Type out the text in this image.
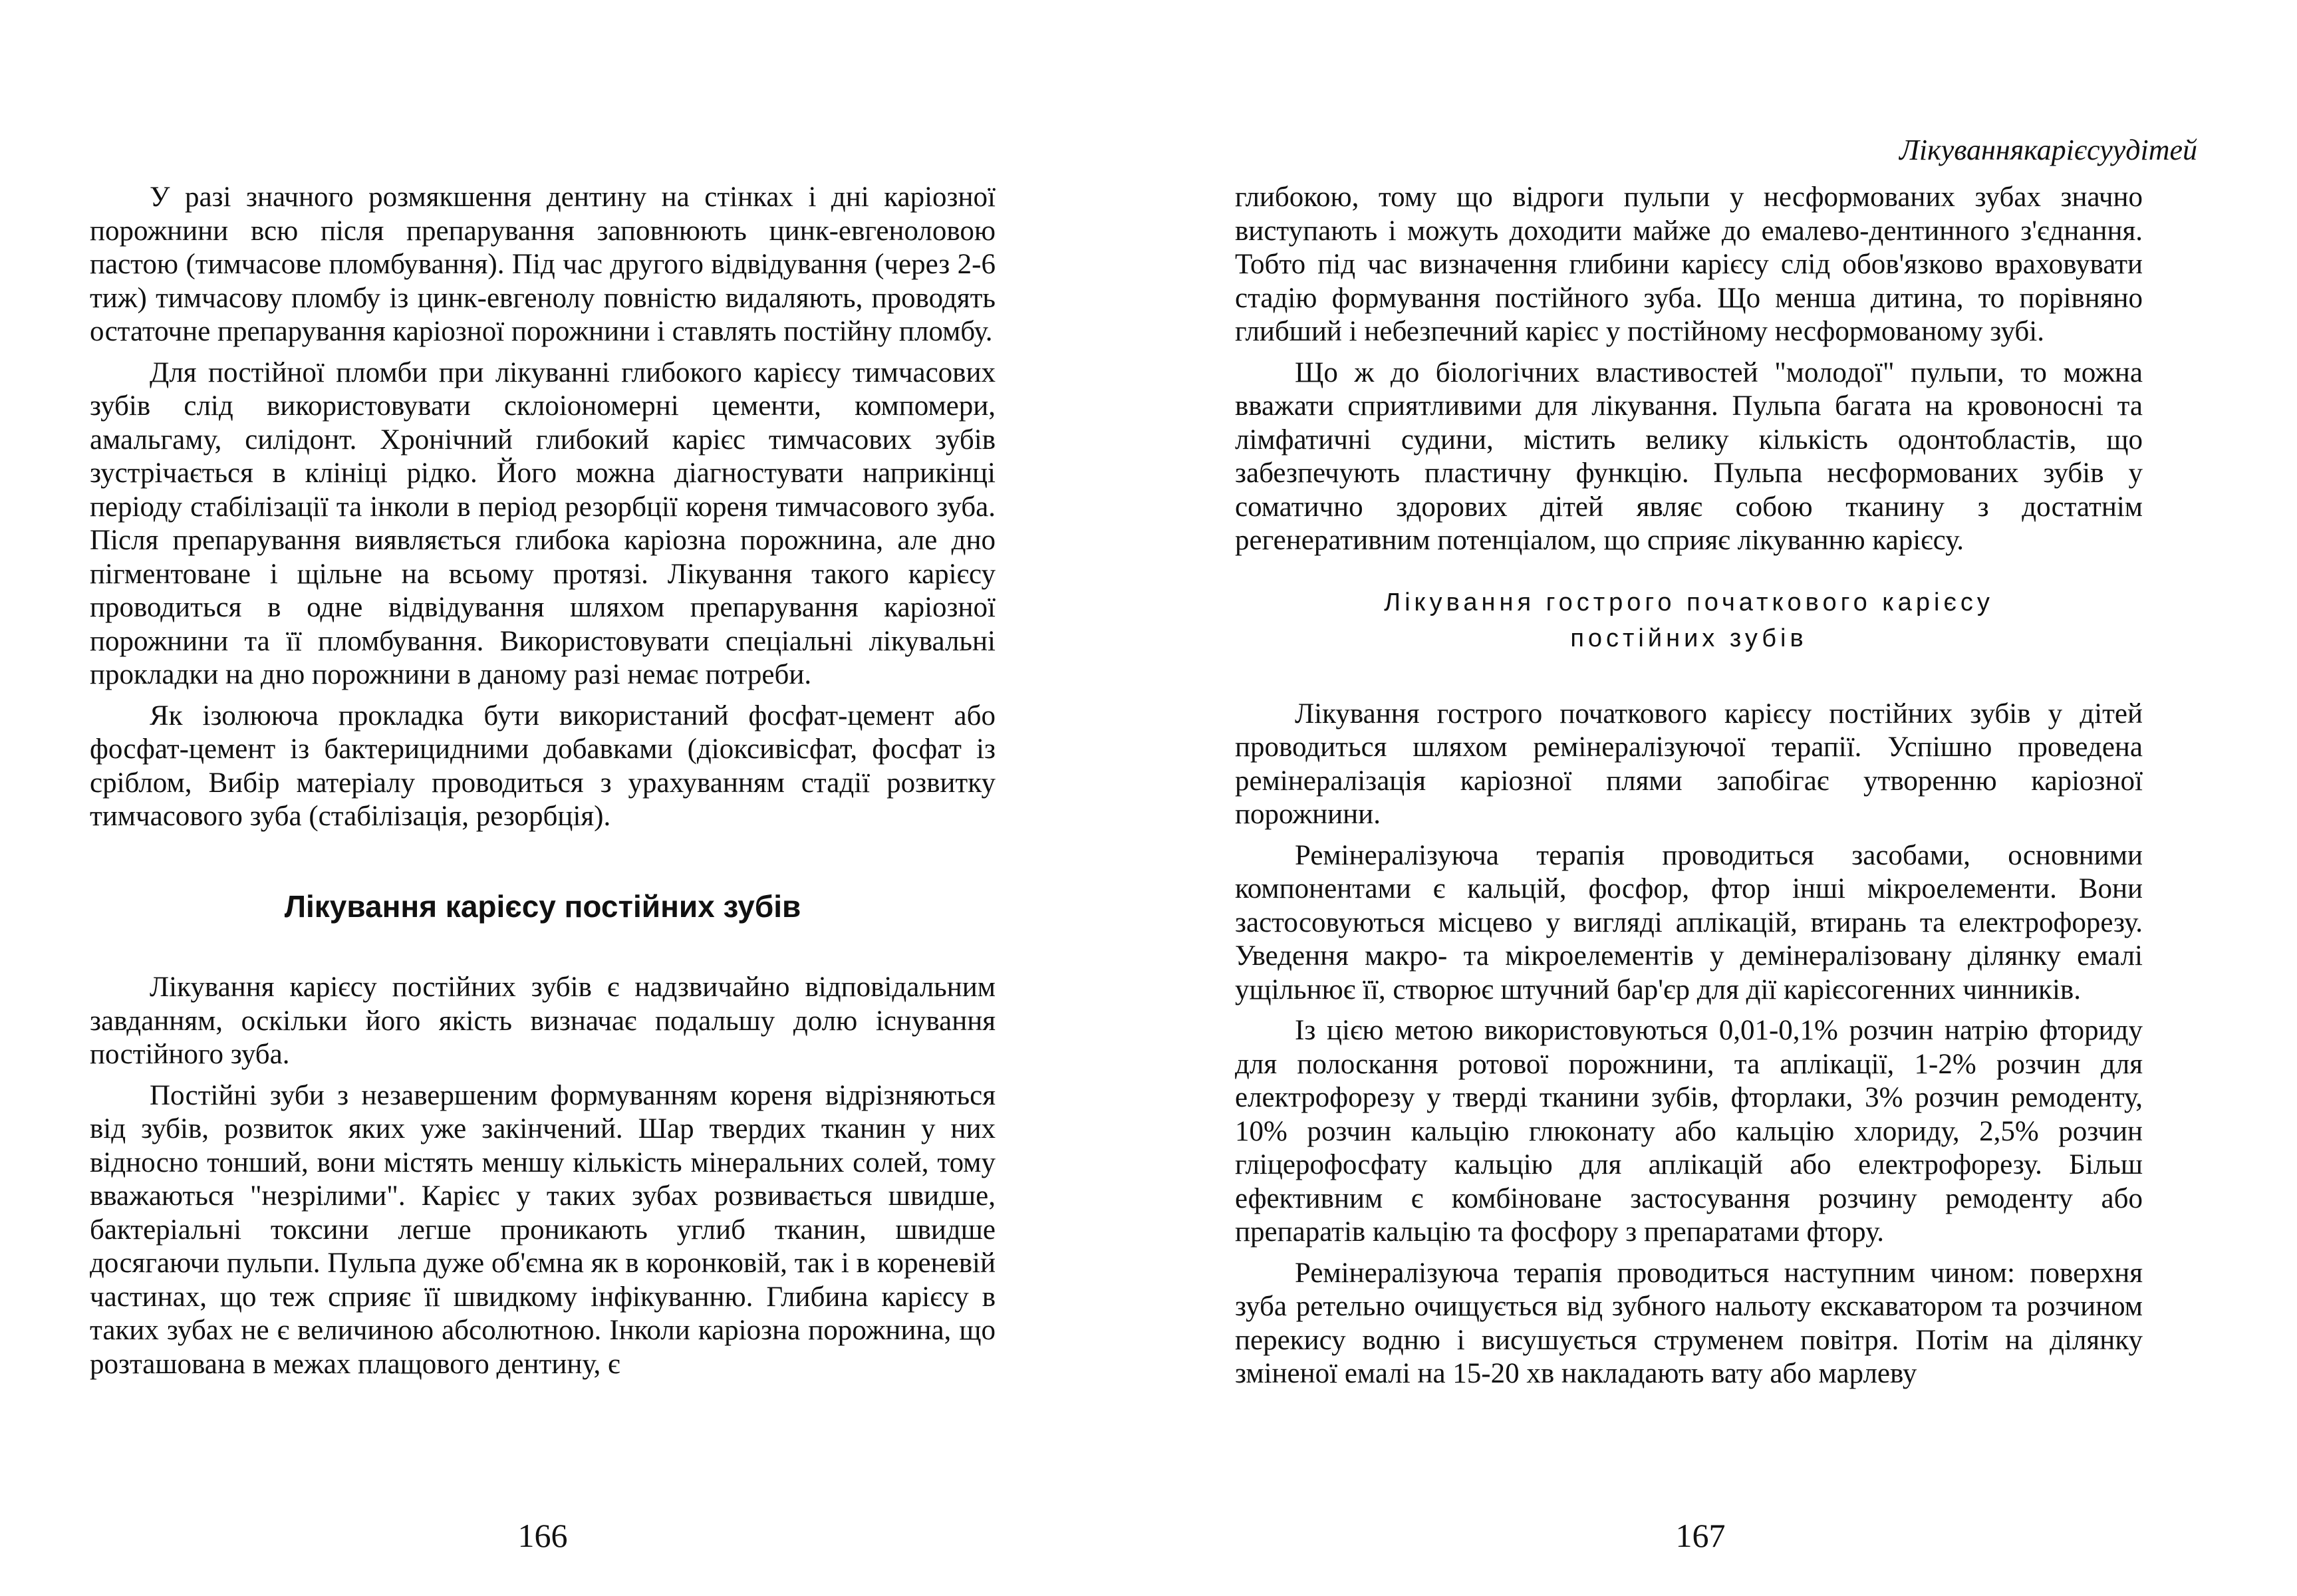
У разі значного розмякшення дентину на стінках і дні каріозної порожнини всю після препарування заповнюють цинк-евгеноловою пастою (тимчасове пломбування). Під час другого відвідування (через 2-6 тиж) тимчасову пломбу із цинк-евгенолу повністю видаляють, проводять остаточне препарування каріозної порожнини і ставлять постійну пломбу.

Для постійної пломби при лікуванні глибокого карієсу тимчасових зубів слід використовувати склоіономерні цементи, компомери, амальгаму, силідонт. Хронічний глибокий карієс тимчасових зубів зустрічається в клініці рідко. Його можна діагностувати наприкінці періоду стабілізації та інколи в період резорбції кореня тимчасового зуба. Після препарування виявляється глибока каріозна порожнина, але дно пігментоване і щільне на всьому протязі. Лікування такого карієсу проводиться в одне відвідування шляхом препарування каріозної порожнини та її пломбування. Використовувати спеціальні лікувальні прокладки на дно порожнини в даному разі немає потреби.

Як ізолююча прокладка бути використаний фосфат-цемент або фосфат-цемент із бактерицидними добавками (діоксивісфат, фосфат із сріблом, Вибір матеріалу проводиться з урахуванням стадії розвитку тимчасового зуба (стабілізація, резорбція).

Лікування карієсу постійних зубів

Лікування карієсу постійних зубів є надзвичайно відповідальним завданням, оскільки його якість визначає подальшу долю існування постійного зуба.

Постійні зуби з незавершеним формуванням кореня відрізняються від зубів, розвиток яких уже закінчений. Шар твердих тканин у них відносно тонший, вони містять меншу кількість мінеральних солей, тому вважаються "незрілими". Карієс у таких зубах розвивається швидше, бактеріальні токсини легше проникають углиб тканин, швидше досягаючи пульпи. Пульпа дуже об'ємна як в коронковій, так і в кореневій частинах, що теж сприяє її швидкому інфікуванню. Глибина карієсу в таких зубах не є величиною абсолютною. Інколи каріозна порожнина, що розташована в межах плащового дентину, є

166
Лікуваннякарієсуудітей

глибокою, тому що відроги пульпи у несформованих зубах значно виступають і можуть доходити майже до емалево-дентинного з'єднання. Тобто під час визначення глибини карієсу слід обов'язково враховувати стадію формування постійного зуба. Що менша дитина, то порівняно глибший і небезпечний карієс у постійному несформованому зубі.

Що ж до біологічних властивостей "молодої" пульпи, то можна вважати сприятливими для лікування. Пульпа багата на кровоносні та лімфатичні судини, містить велику кількість одонтобластів, що забезпечують пластичну функцію. Пульпа несформованих зубів у соматично здорових дітей являє собою тканину з достатнім регенеративним потенціалом, що сприяє лікуванню карієсу.

Лікування гострого початкового карієсу
постійних зубів

Лікування гострого початкового карієсу постійних зубів у дітей проводиться шляхом ремінералізуючої терапії. Успішно проведена ремінералізація каріозної плями запобігає утворенню каріозної порожнини.

Ремінералізуюча терапія проводиться засобами, основними компонентами є кальцій, фосфор, фтор інші мікроелементи. Вони застосовуються місцево у вигляді аплікацій, втирань та електрофорезу. Уведення макро- та мікроелементів у демінералізовану ділянку емалі ущільнює її, створює штучний бар'єр для дії карієсогенних чинників.

Із цією метою використовуються 0,01-0,1% розчин натрію фториду для полоскання ротової порожнини, та аплікації, 1-2% розчин для електрофорезу у тверді тканини зубів, фторлаки, 3% розчин ремоденту, 10% розчин кальцію глюконату або кальцію хлориду, 2,5% розчин гліцерофосфату кальцію для аплікацій або електрофорезу. Більш ефективним є комбіноване застосування розчину ремоденту або препаратів кальцію та фосфору з препаратами фтору.

Ремінералізуюча терапія проводиться наступним чином: поверхня зуба ретельно очищується від зубного нальоту екскаватором та розчином перекису водню і висушується струменем повітря. Потім на ділянку зміненої емалі на 15-20 хв накладають вату або марлеву

167
